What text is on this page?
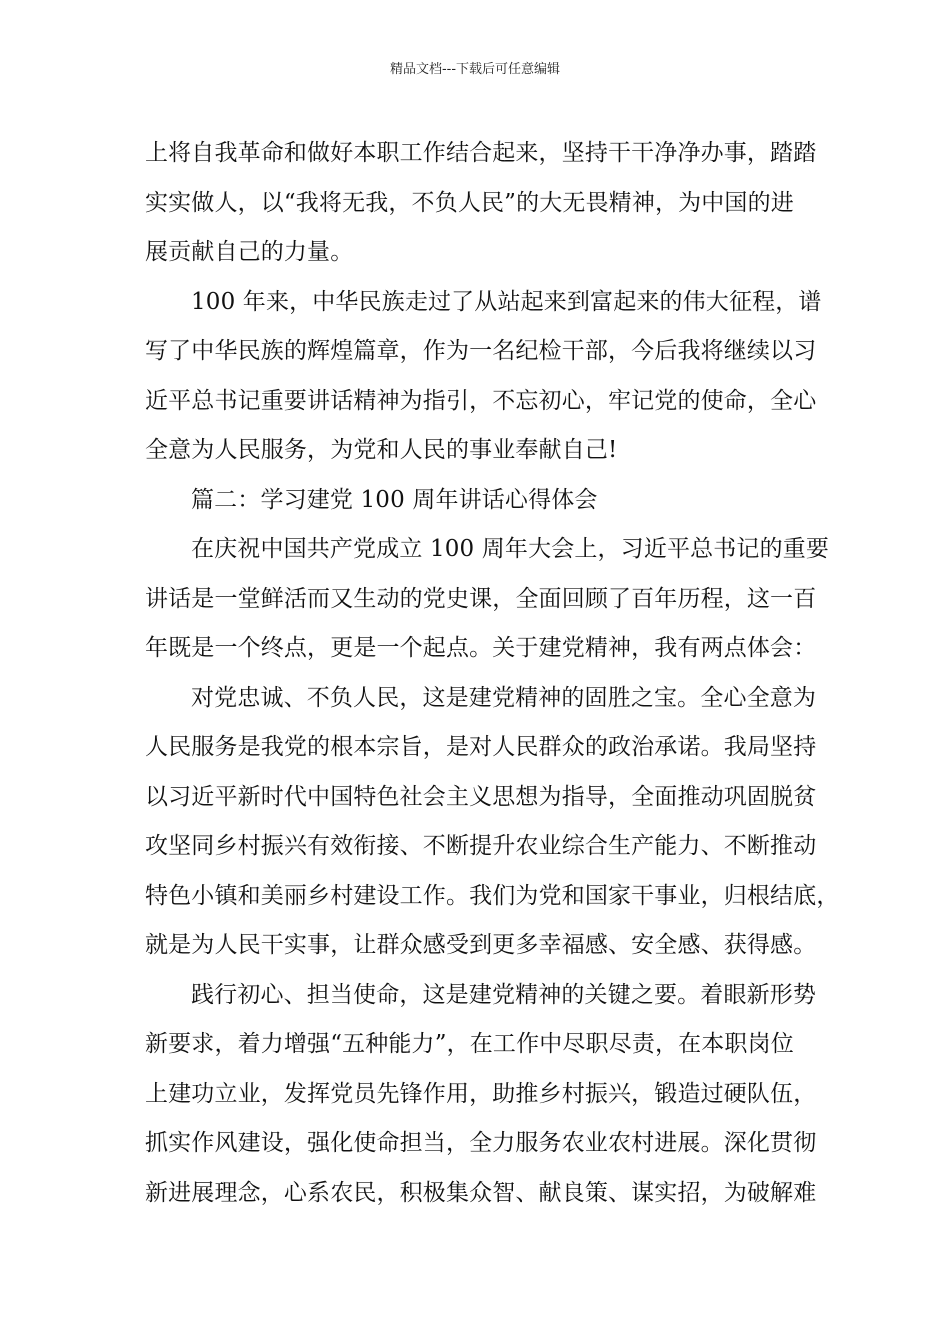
精品文档---下载后可任意编辑
上将自我革命和做好本职工作结合起来，坚持干干净净办事，踏踏
实实做人，以“我将无我，不负人民”的大无畏精神，为中国的进
展贡献自己的力量。
100 年来，中华民族走过了从站起来到富起来的伟大征程，谱
写了中华民族的辉煌篇章，作为一名纪检干部，今后我将继续以习
近平总书记重要讲话精神为指引，不忘初心，牢记党的使命，全心
全意为人民服务，为党和人民的事业奉献自己!
篇二：学习建党 100 周年讲话心得体会
在庆祝中国共产党成立 100 周年大会上，习近平总书记的重要
讲话是一堂鲜活而又生动的党史课，全面回顾了百年历程，这一百
年既是一个终点，更是一个起点。关于建党精神，我有两点体会：
对党忠诚、不负人民，这是建党精神的固胜之宝。全心全意为
人民服务是我党的根本宗旨，是对人民群众的政治承诺。我局坚持
以习近平新时代中国特色社会主义思想为指导，全面推动巩固脱贫
攻坚同乡村振兴有效衔接、不断提升农业综合生产能力、不断推动
特色小镇和美丽乡村建设工作。我们为党和国家干事业，归根结底，
就是为人民干实事，让群众感受到更多幸福感、安全感、获得感。
践行初心、担当使命，这是建党精神的关键之要。着眼新形势
新要求，着力增强“五种能力”，在工作中尽职尽责，在本职岗位
上建功立业，发挥党员先锋作用，助推乡村振兴，锻造过硬队伍，
抓实作风建设，强化使命担当，全力服务农业农村进展。深化贯彻
新进展理念，心系农民，积极集众智、献良策、谋实招，为破解难
